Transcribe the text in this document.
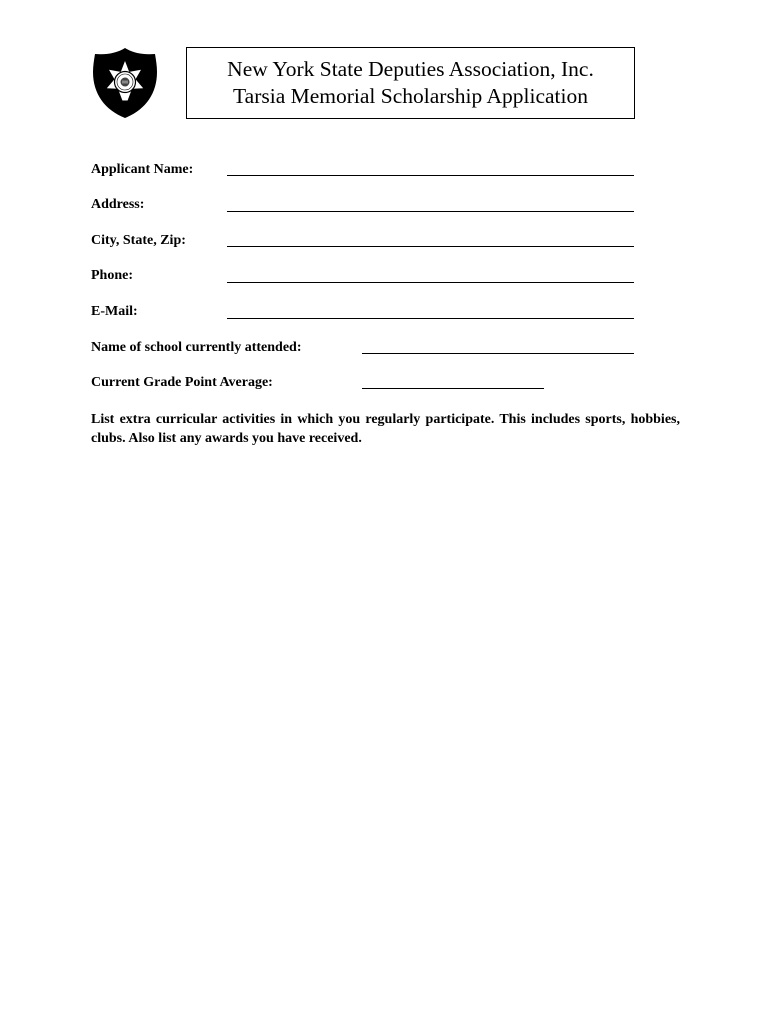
New York State Deputies Association, Inc.
Tarsia Memorial Scholarship Application
Applicant Name:
Address:
City, State, Zip:
Phone:
E-Mail:
Name of school currently attended:
Current Grade Point Average:
List extra curricular activities in which you regularly participate. This includes sports, hobbies, clubs. Also list any awards you have received.
